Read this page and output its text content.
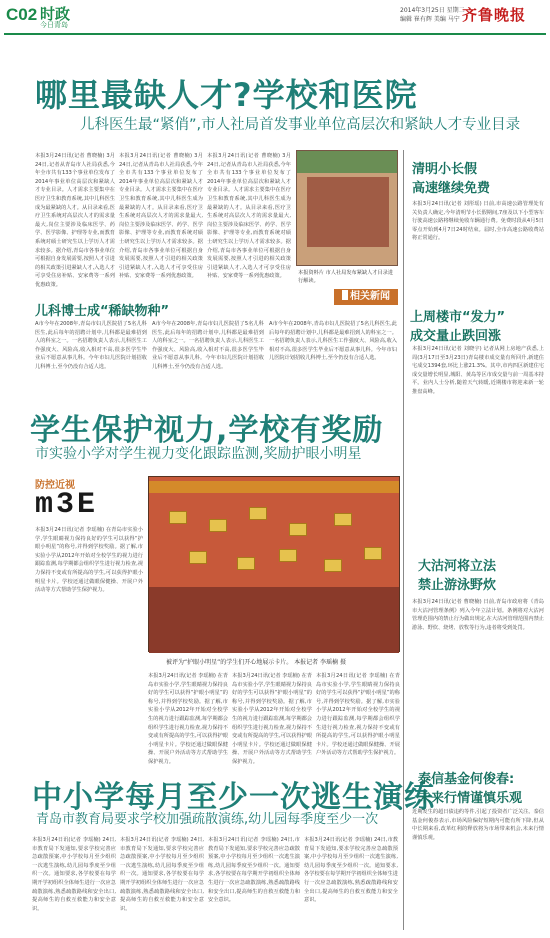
C02 时政
今日青岛
2014年3月25日 星期二
编辑 崔有辉 美编 马宁 齐鲁晚报
哪里最缺人才?学校和医院
儿科医生最“紧俏”,市人社局首发事业单位高层次和紧缺人才专业目录
本报3月24日讯(记者 曹晓楠) 3月24日,记者从青岛市人社局获悉,今年全市共有133个事业单位发布了2014年事业单位高层次和紧缺人才专业目录。人才需求主要集中在医疗卫生和教育系统,其中儿科医生成为最紧缺的人才。从目录来看,医疗卫生系统对高层次人才的需求量最大,岗位主要涉及临床医学、药学、医学影像、护理等专业,而教育系统对硕士研究生以上学历人才需求较多。据介绍,青岛市各事业单位可根据自身发展需要,按照人才引进的相关政策引进紧缺人才,入选人才可享受住房补贴、安家费等一系列优惠政策。
本报3月24日讯(记者 曹晓楠) 3月24日,记者从青岛市人社局获悉,今年全市共有133个事业单位发布了2014年事业单位高层次和紧缺人才专业目录。人才需求主要集中在医疗卫生和教育系统,其中儿科医生成为最紧缺的人才。从目录来看,医疗卫生系统对高层次人才的需求量最大,岗位主要涉及临床医学、药学、医学影像、护理等专业,而教育系统对硕士研究生以上学历人才需求较多。据介绍,青岛市各事业单位可根据自身发展需要,按照人才引进的相关政策引进紧缺人才,入选人才可享受住房补贴、安家费等一系列优惠政策。
本报3月24日讯(记者 曹晓楠) 3月24日,记者从青岛市人社局获悉,今年全市共有133个事业单位发布了2014年事业单位高层次和紧缺人才专业目录。人才需求主要集中在医疗卫生和教育系统,其中儿科医生成为最紧缺的人才。从目录来看,医疗卫生系统对高层次人才的需求量最大,岗位主要涉及临床医学、药学、医学影像、护理等专业,而教育系统对硕士研究生以上学历人才需求较多。据介绍,青岛市各事业单位可根据自身发展需要,按照人才引进的相关政策引进紧缺人才,入选人才可享受住房补贴、安家费等一系列优惠政策。
本报资料片 市人社局发布紧缺人才目录进行解读。
相关新闻
儿科博士成“稀缺物种”
A市今年在2008年,青岛市妇儿医院招了5名儿科医生,此后每年的招聘计划中,儿科都是最难招到人的科室之一。一名招聘负责人表示,儿科医生工作强度大、风险高,收入相对不高,很多医学生毕业后不愿意从事儿科。今年市妇儿医院计划招收儿科博士,至今仍没有合适人选。
A市今年在2008年,青岛市妇儿医院招了5名儿科医生,此后每年的招聘计划中,儿科都是最难招到人的科室之一。一名招聘负责人表示,儿科医生工作强度大、风险高,收入相对不高,很多医学生毕业后不愿意从事儿科。今年市妇儿医院计划招收儿科博士,至今仍没有合适人选。
A市今年在2008年,青岛市妇儿医院招了5名儿科医生,此后每年的招聘计划中,儿科都是最难招到人的科室之一。一名招聘负责人表示,儿科医生工作强度大、风险高,收入相对不高,很多医学生毕业后不愿意从事儿科。今年市妇儿医院计划招收儿科博士,至今仍没有合适人选。
学生保护视力,学校有奖励
市实验小学对学生视力变化跟踪监测,奖励护眼小明星
防控近视
m3E
本报3月24日讯(记者 李瑶楠) 在青岛市实验小学,学生眼睛视力保持良好的学生可以获得“护眼小明星”的称号,并得到学校奖励。据了解,市实验小学从2012年开始对全校学生的视力进行跟踪监测,每学期都会组织学生进行视力检查,视力保持不变或有所提高的学生,可以获得护眼小明星卡片。学校还通过做眼保健操、开展户外活动等方式帮助学生保护视力。
被评为“护眼小明星”的学生们开心地展示卡片。 本报记者 李瑶楠 摄
本报3月24日讯(记者 李瑶楠) 在青岛市实验小学,学生眼睛视力保持良好的学生可以获得“护眼小明星”的称号,并得到学校奖励。据了解,市实验小学从2012年开始对全校学生的视力进行跟踪监测,每学期都会组织学生进行视力检查,视力保持不变或有所提高的学生,可以获得护眼小明星卡片。学校还通过做眼保健操、开展户外活动等方式帮助学生保护视力。
本报3月24日讯(记者 李瑶楠) 在青岛市实验小学,学生眼睛视力保持良好的学生可以获得“护眼小明星”的称号,并得到学校奖励。据了解,市实验小学从2012年开始对全校学生的视力进行跟踪监测,每学期都会组织学生进行视力检查,视力保持不变或有所提高的学生,可以获得护眼小明星卡片。学校还通过做眼保健操、开展户外活动等方式帮助学生保护视力。
本报3月24日讯(记者 李瑶楠) 在青岛市实验小学,学生眼睛视力保持良好的学生可以获得“护眼小明星”的称号,并得到学校奖励。据了解,市实验小学从2012年开始对全校学生的视力进行跟踪监测,每学期都会组织学生进行视力检查,视力保持不变或有所提高的学生,可以获得护眼小明星卡片。学校还通过做眼保健操、开展户外活动等方式帮助学生保护视力。
中小学每月至少一次逃生演练
青岛市教育局要求学校加强疏散演练,幼儿园每季度至少一次
本报3月24日讯(记者 李瑶楠) 24日,市教育局下发通知,要求学校完善应急疏散预案,中小学校每月至少组织一次逃生演练,幼儿园每季度至少组织一次。通知要求,各学校要在每学期开学初组织全体师生进行一次应急疏散演练,熟悉疏散路线和安全出口,提高师生的自救互救能力和安全意识。
本报3月24日讯(记者 李瑶楠) 24日,市教育局下发通知,要求学校完善应急疏散预案,中小学校每月至少组织一次逃生演练,幼儿园每季度至少组织一次。通知要求,各学校要在每学期开学初组织全体师生进行一次应急疏散演练,熟悉疏散路线和安全出口,提高师生的自救互救能力和安全意识。
本报3月24日讯(记者 李瑶楠) 24日,市教育局下发通知,要求学校完善应急疏散预案,中小学校每月至少组织一次逃生演练,幼儿园每季度至少组织一次。通知要求,各学校要在每学期开学初组织全体师生进行一次应急疏散演练,熟悉疏散路线和安全出口,提高师生的自救互救能力和安全意识。
本报3月24日讯(记者 李瑶楠) 24日,市教育局下发通知,要求学校完善应急疏散预案,中小学校每月至少组织一次逃生演练,幼儿园每季度至少组织一次。通知要求,各学校要在每学期开学初组织全体师生进行一次应急疏散演练,熟悉疏散路线和安全出口,提高师生的自救互救能力和安全意识。
清明小长假
高速继续免费
本报3月24日讯(记者 刘彤瑶) 日前,市高速公路管理处有关负责人确定,今年清明节小长假期间,7座及以下小型客车行驶高速公路将继续免收车辆通行费。免费时段从4月5日零点开始到4月7日24时结束。届时,全市高速公路收费站将正常通行。
上周楼市“发力”
成交量止跌回涨
本报3月24日讯(记者 刘晓宇) 记者从网上房地产获悉,上周(3月17日至3月23日)青岛楼市成交量有所回升,新建住宅成交1394套,环比上涨21.3%。其中,市内四区新建住宅成交量增长明显,城阳、黄岛等区市成交量与前一周基本持平。业内人士分析,随着天气转暖,近期楼市将迎来新一轮推盘高峰。
大沽河将立法
禁止游泳野炊
本报3月24日讯(记者 曹晓楠) 日前,青岛市政府将《青岛市大沽河管理条例》列入今年立法计划。条例将对大沽河管理范围内的禁止行为做出规定,在大沽河管理范围内禁止游泳、野炊、烧烤、放牧等行为,违者将受到处罚。
泰信基金何俊春:
未来行情谨慎乐观
近期发生的超日债违约等件,引起了投资者广泛关注。泰信基金何俊春表示,市场风险偏好短期内可能有所下降,但从中长期来看,改革红利的释放将为市场带来机会,未来行情谨慎乐观。
